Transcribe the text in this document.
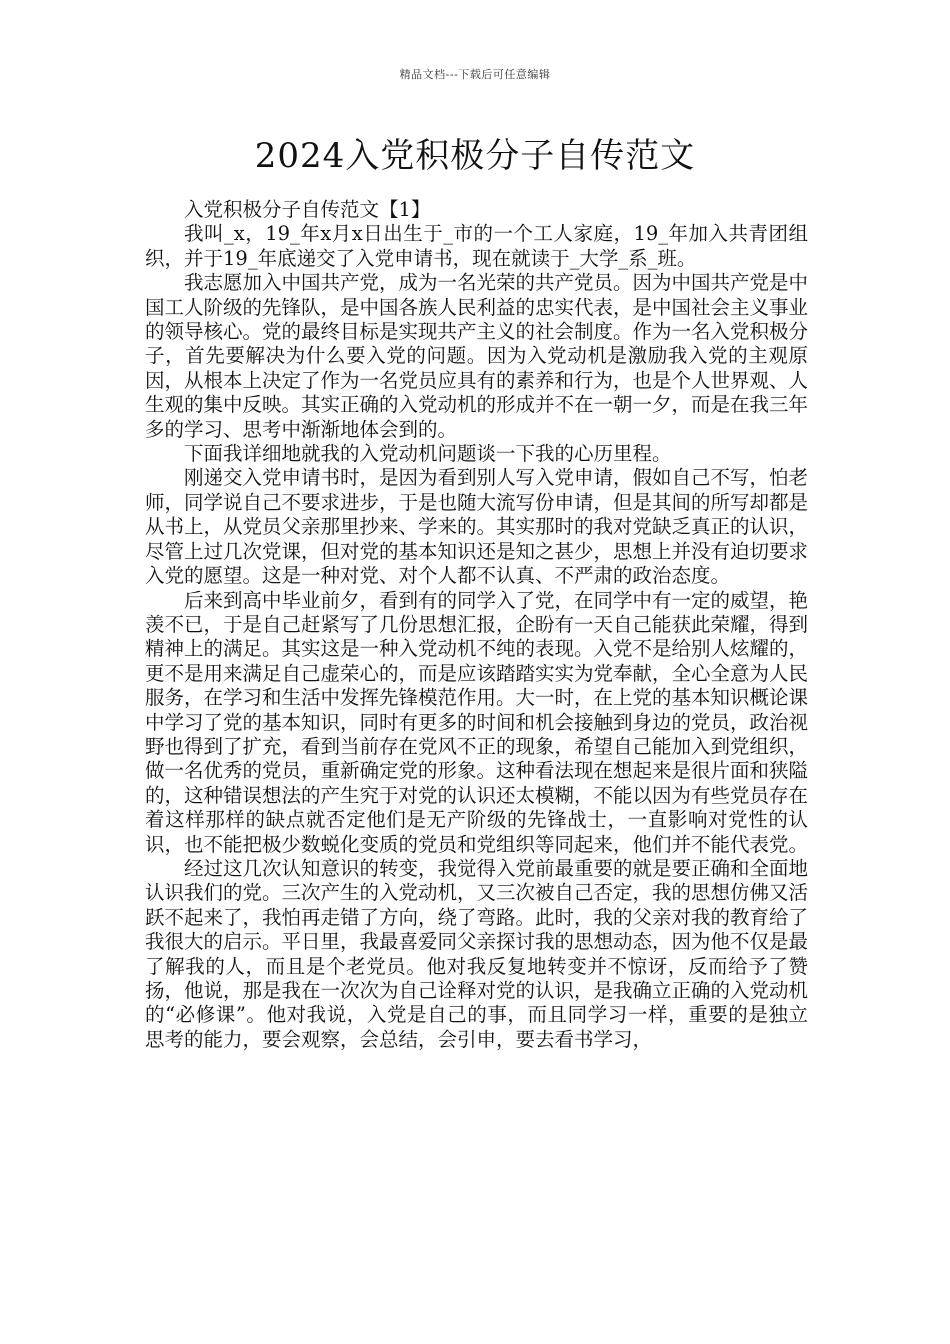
精品文档---下载后可任意编辑
2024入党积极分子自传范文

入党积极分子自传范文【1】

我叫_x，19_年x月x日出生于_市的一个工人家庭，19_年加入共青团组织，并于19_年底递交了入党申请书，现在就读于_大学_系_班。

我志愿加入中国共产党，成为一名光荣的共产党员。因为中国共产党是中国工人阶级的先锋队，是中国各族人民利益的忠实代表，是中国社会主义事业的领导核心。党的最终目标是实现共产主义的社会制度。作为一名入党积极分子，首先要解决为什么要入党的问题。因为入党动机是激励我入党的主观原因，从根本上决定了作为一名党员应具有的素养和行为，也是个人世界观、人生观的集中反映。其实正确的入党动机的形成并不在一朝一夕，而是在我三年多的学习、思考中渐渐地体会到的。

下面我详细地就我的入党动机问题谈一下我的心历里程。

刚递交入党申请书时，是因为看到别人写入党申请，假如自己不写，怕老师，同学说自己不要求进步，于是也随大流写份申请，但是其间的所写却都是从书上，从党员父亲那里抄来、学来的。其实那时的我对党缺乏真正的认识，尽管上过几次党课，但对党的基本知识还是知之甚少，思想上并没有迫切要求入党的愿望。这是一种对党、对个人都不认真、不严肃的政治态度。

后来到高中毕业前夕，看到有的同学入了党，在同学中有一定的威望，艳羡不已，于是自己赶紧写了几份思想汇报，企盼有一天自己能获此荣耀，得到精神上的满足。其实这是一种入党动机不纯的表现。入党不是给别人炫耀的，更不是用来满足自己虚荣心的，而是应该踏踏实实为党奉献，全心全意为人民服务，在学习和生活中发挥先锋模范作用。大一时，在上党的基本知识概论课中学习了党的基本知识，同时有更多的时间和机会接触到身边的党员，政治视野也得到了扩充，看到当前存在党风不正的现象，希望自己能加入到党组织，做一名优秀的党员，重新确定党的形象。这种看法现在想起来是很片面和狭隘的，这种错误想法的产生究于对党的认识还太模糊，不能以因为有些党员存在着这样那样的缺点就否定他们是无产阶级的先锋战士，一直影响对党性的认识，也不能把极少数蜕化变质的党员和党组织等同起来，他们并不能代表党。

经过这几次认知意识的转变，我觉得入党前最重要的就是要正确和全面地认识我们的党。三次产生的入党动机，又三次被自己否定，我的思想仿佛又活跃不起来了，我怕再走错了方向，绕了弯路。此时，我的父亲对我的教育给了我很大的启示。平日里，我最喜爱同父亲探讨我的思想动态，因为他不仅是最了解我的人，而且是个老党员。他对我反复地转变并不惊讶，反而给予了赞扬，他说，那是我在一次次为自己诠释对党的认识，是我确立正确的入党动机的“必修课”。他对我说，入党是自己的事，而且同学习一样，重要的是独立思考的能力，要会观察，会总结，会引申，要去看书学习，
